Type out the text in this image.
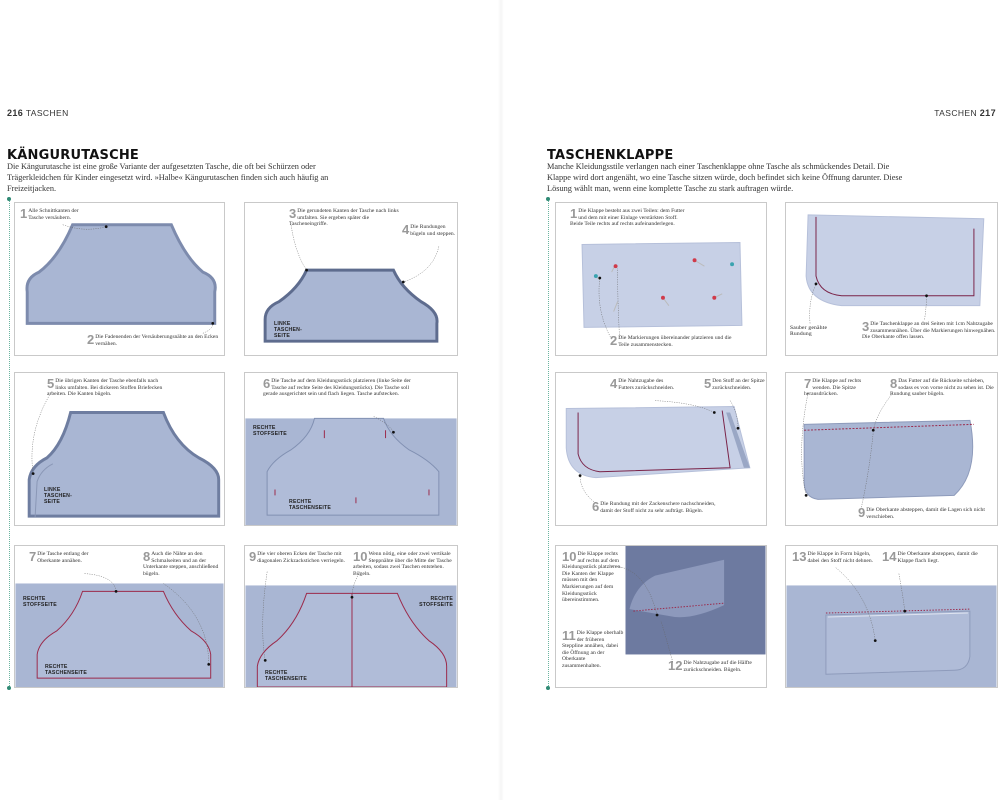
216 TASCHEN
KÄNGURUTASCHE
Die Kängurutasche ist eine große Variante der aufgesetzten Tasche, die oft bei Schürzen oder Trägerkleidchen für Kinder eingesetzt wird. »Halbe« Kängurutaschen finden sich auch häufig an Freizeitjacken.
1 Alle Schnittkanten der Tasche versäubern.
2 Die Fadenenden der Versäuberungsnähte an den Ecken vernähen.
3 Die gerundeten Kanten der Tasche nach links umfalten. Sie ergeben später die Tascheneingriffe.	4 Die Rundungen bügeln und steppen.
LINKE TASCHEN-SEITE
5 Die übrigen Kanten der Tasche ebenfalls nach links umfalten. Bei dickeren Stoffen Briefecken arbeiten. Die Kanten bügeln.
LINKE TASCHEN-SEITE
6 Die Tasche auf dem Kleidungsstück platzieren (linke Seite der Tasche auf rechte Seite des Kleidungsstücks). Die Tasche soll gerade ausgerichtet sein und flach liegen. Tasche aufstecken.
RECHTE STOFFSEITE
RECHTE TASCHENSEITE
7 Die Tasche entlang der Oberkante annähen.	8 Auch die Nähte an den Schmalseiten und an der Unterkante steppen, anschließend bügeln.
RECHTE STOFFSEITE
RECHTE TASCHENSEITE
9 Die vier oberen Ecken der Tasche mit diagonalen Zickzackstichen verriegeln. 10 Wenn nötig, eine oder zwei vertikale Steppnähte über die Mitte der Tasche arbeiten, sodass zwei Taschen entstehen. Bügeln.
RECHTE STOFFSEITE
RECHTE TASCHENSEITE
TASCHEN 217
TASCHENKLAPPE
Manche Kleidungsstile verlangen nach einer Taschenklappe ohne Tasche als schmückendes Detail. Die Klappe wird dort angenäht, wo eine Tasche sitzen würde, doch befindet sich keine Öffnung darunter. Diese Lösung wählt man, wenn eine komplette Tasche zu stark auftragen würde.
1 Die Klappe besteht aus zwei Teilen: dem Futter und dem mit einer Einlage verstärkten Stoff. Beide Teile rechts auf rechts aufeinanderlegen.
2 Die Markierungen übereinander platzieren und die Teile zusammenstecken.
Sauber genähte Rundung	3 Die Taschenklappe an drei Seiten mit 1cm Nahtzugabe zusammennähen. Über die Markierungen hinwegnähen. Die Oberkante offen lassen.
4 Die Nahtzugabe des Futters zurückschneiden. 5 Den Stoff an der Spitze zurückschneiden.
6 Die Rundung mit der Zackenschere nachschneiden, damit der Stoff nicht zu sehr aufträgt. Bügeln.
7 Die Klappe auf rechts wenden. Die Spitze herausdrücken.
8 Das Futter auf die Rückseite schieben, sodass es von vorne nicht zu sehen ist. Die Rundung sauber bügeln.
9 Die Oberkante absteppen, damit die Lagen sich nicht verschieben.
10 Die Klappe rechts auf rechts auf dem Kleidungsstück platzieren. Die Kanten der Klappe müssen mit den Markierungen auf dem Kleidungsstück übereinstimmen.
11 Die Klappe oberhalb der früheren Steppline annähen, dabei die Öffnung an der Oberkante zusammenhalten.	12 Die Nahtzugabe auf die Hälfte zurückschneiden. Bügeln.
13 Die Klappe in Form bügeln, dabei den Stoff nicht dehnen. 14 Die Oberkante absteppen, damit die Klappe flach liegt.
